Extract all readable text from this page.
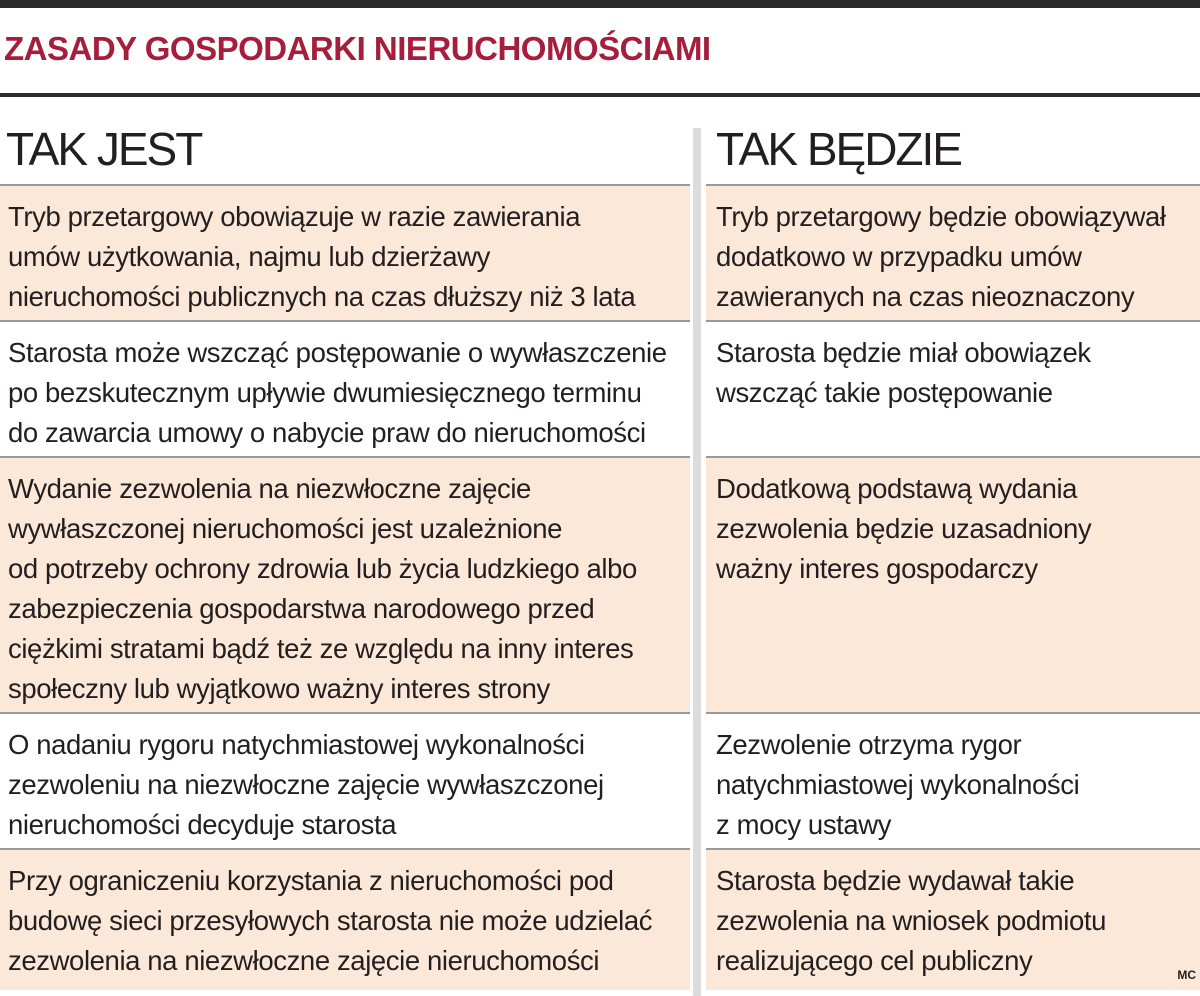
ZASADY GOSPODARKI NIERUCHOMOŚCIAMI
TAK JEST	TAK BĘDZIE
Tryb przetargowy obowiązuje w razie zawierania
umów użytkowania, najmu lub dzierżawy
nieruchomości publicznych na czas dłuższy niż 3 lata
Tryb przetargowy będzie obowiązywał
dodatkowo w przypadku umów
zawieranych na czas nieoznaczony
Starosta może wszcząć postępowanie o wywłaszczenie
po bezskutecznym upływie dwumiesięcznego terminu
do zawarcia umowy o nabycie praw do nieruchomości
Starosta będzie miał obowiązek
wszcząć takie postępowanie
Wydanie zezwolenia na niezwłoczne zajęcie
wywłaszczonej nieruchomości jest uzależnione
od potrzeby ochrony zdrowia lub życia ludzkiego albo
zabezpieczenia gospodarstwa narodowego przed
ciężkimi stratami bądź też ze względu na inny interes
społeczny lub wyjątkowo ważny interes strony
Dodatkową podstawą wydania
zezwolenia będzie uzasadniony
ważny interes gospodarczy
O nadaniu rygoru natychmiastowej wykonalności
zezwoleniu na niezwłoczne zajęcie wywłaszczonej
nieruchomości decyduje starosta
Zezwolenie otrzyma rygor
natychmiastowej wykonalności
z mocy ustawy
Przy ograniczeniu korzystania z nieruchomości pod
budowę sieci przesyłowych starosta nie może udzielać
zezwolenia na niezwłoczne zajęcie nieruchomości
Starosta będzie wydawał takie
zezwolenia na wniosek podmiotu
realizującego cel publiczny	MC
